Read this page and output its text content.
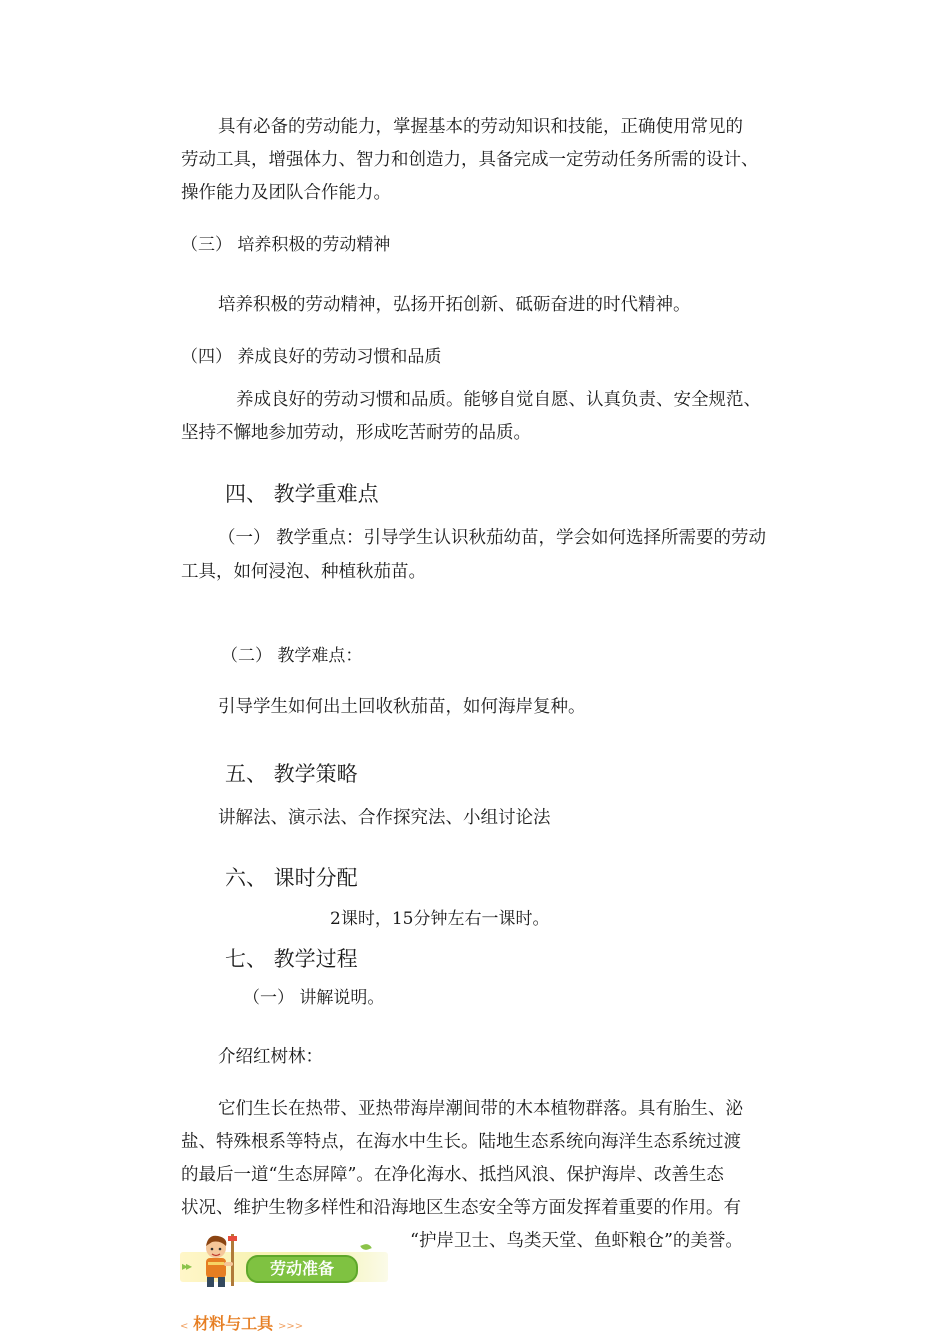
具有必备的劳动能力，掌握基本的劳动知识和技能，正确使用常见的
劳动工具，增强体力、智力和创造力，具备完成一定劳动任务所需的设计、
操作能力及团队合作能力。
（三） 培养积极的劳动精神
培养积极的劳动精神，弘扬开拓创新、砥砺奋进的时代精神。
（四） 养成良好的劳动习惯和品质
养成良好的劳动习惯和品质。能够自觉自愿、认真负责、安全规范、
坚持不懈地参加劳动，形成吃苦耐劳的品质。
四、 教学重难点
（一） 教学重点：引导学生认识秋茄幼苗，学会如何选择所需要的劳动
工具，如何浸泡、种植秋茄苗。
（二） 教学难点：
引导学生如何出土回收秋茄苗，如何海岸复种。
五、 教学策略
讲解法、演示法、合作探究法、小组讨论法
六、 课时分配
2课时，15分钟左右一课时。
七、 教学过程
（一） 讲解说明。
介绍红树林：
它们生长在热带、亚热带海岸潮间带的木本植物群落。具有胎生、泌
盐、特殊根系等特点，在海水中生长。陆地生态系统向海洋生态系统过渡
的最后一道“生态屏障”。在净化海水、抵挡风浪、保护海岸、改善生态
状况、维护生物多样性和沿海地区生态安全等方面发挥着重要的作用。有
“护岸卫士、鸟类天堂、鱼虾粮仓”的美誉。
▸▸	劳动准备
< 材料与工具 >>>
